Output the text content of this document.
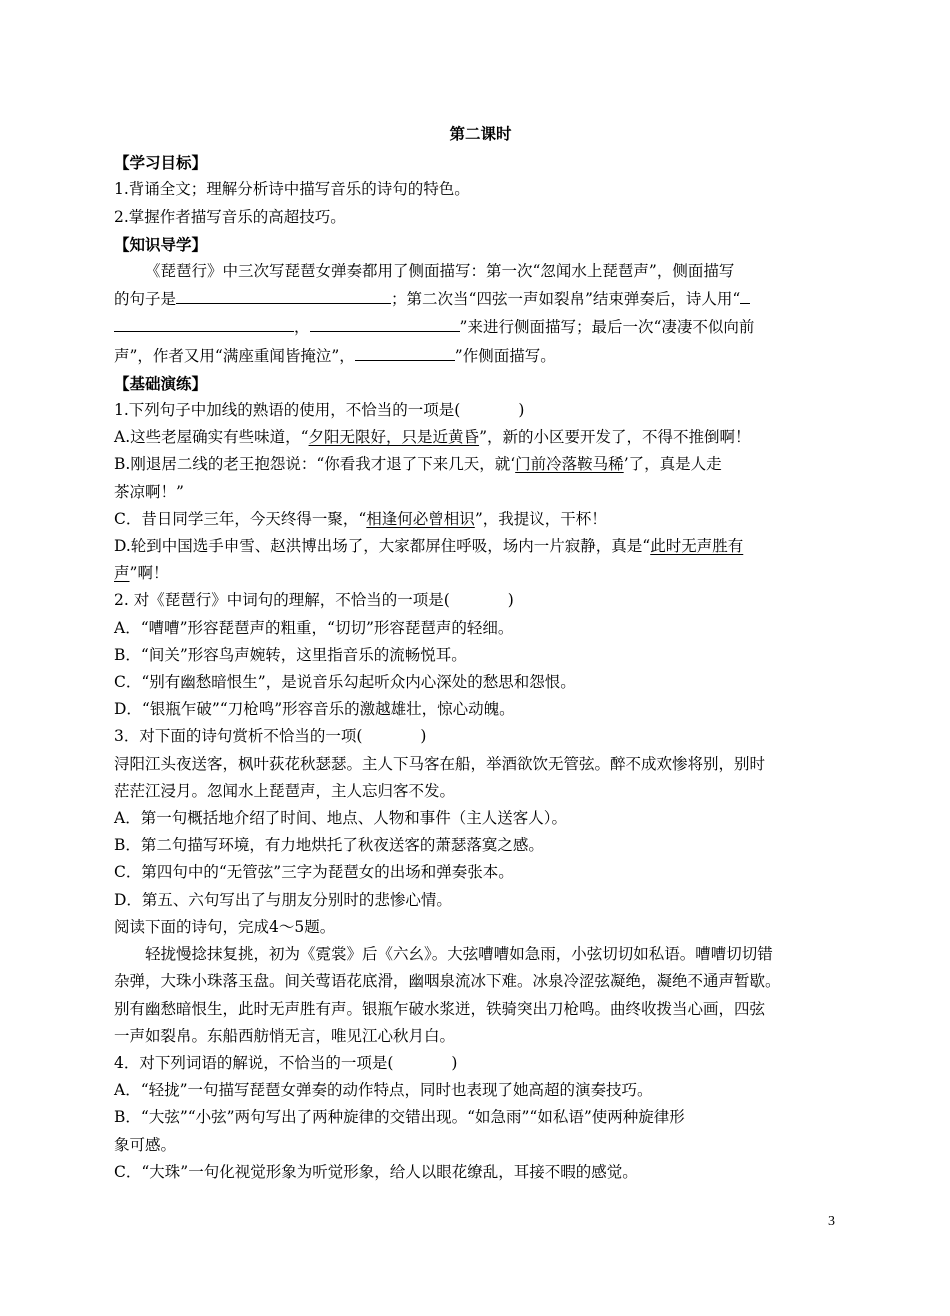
第二课时
【学习目标】
1.背诵全文；理解分析诗中描写音乐的诗句的特色。
2.掌握作者描写音乐的高超技巧。
【知识导学】
《琵琶行》中三次写琵琶女弹奏都用了侧面描写：第一次“忽闻水上琵琶声”，侧面描写
的句子是	；第二次当“四弦一声如裂帛”结束弹奏后，诗人用“
，	”来进行侧面描写；最后一次“凄凄不似向前
声”，作者又用“满座重闻皆掩泣”，	”作侧面描写。
【基础演练】
1.下列句子中加线的熟语的使用，不恰当的一项是(	)
A.这些老屋确实有些味道，“夕阳无限好，只是近黄昏”，新的小区要开发了，不得不推倒啊！
B.刚退居二线的老王抱怨说：“你看我才退了下来几天，就‘门前冷落鞍马稀’了，真是人走
茶凉啊！”
C．昔日同学三年，今天终得一聚，“相逢何必曾相识”，我提议，干杯！
D.轮到中国选手申雪、赵洪博出场了，大家都屏住呼吸，场内一片寂静，真是“此时无声胜有
声”啊！
2. 对《琵琶行》中词句的理解，不恰当的一项是(	)
A．“嘈嘈”形容琵琶声的粗重，“切切”形容琵琶声的轻细。
B．“间关”形容鸟声婉转，这里指音乐的流畅悦耳。
C．“别有幽愁暗恨生”，是说音乐勾起听众内心深处的愁思和怨恨。
D．“银瓶乍破”“刀枪鸣”形容音乐的激越雄壮，惊心动魄。
3．对下面的诗句赏析不恰当的一项(	)
浔阳江头夜送客，枫叶荻花秋瑟瑟。主人下马客在船，举酒欲饮无管弦。醉不成欢惨将别，别时
茫茫江浸月。忽闻水上琵琶声，主人忘归客不发。
A．第一句概括地介绍了时间、地点、人物和事件（主人送客人）。
B．第二句描写环境，有力地烘托了秋夜送客的萧瑟落寞之感。
C．第四句中的“无管弦”三字为琵琶女的出场和弹奏张本。
D．第五、六句写出了与朋友分别时的悲惨心情。
阅读下面的诗句，完成4～5题。
轻拢慢捻抹复挑，初为《霓裳》后《六幺》。大弦嘈嘈如急雨，小弦切切如私语。嘈嘈切切错
杂弹，大珠小珠落玉盘。间关莺语花底滑，幽咽泉流冰下难。冰泉冷涩弦凝绝，凝绝不通声暂歇。
别有幽愁暗恨生，此时无声胜有声。银瓶乍破水浆迸，铁骑突出刀枪鸣。曲终收拨当心画，四弦
一声如裂帛。东船西舫悄无言，唯见江心秋月白。
4．对下列词语的解说，不恰当的一项是(	)
A．“轻拢”一句描写琵琶女弹奏的动作特点，同时也表现了她高超的演奏技巧。
B．“大弦”“小弦”两句写出了两种旋律的交错出现。“如急雨”“如私语”使两种旋律形
象可感。
C．“大珠”一句化视觉形象为听觉形象，给人以眼花缭乱，耳接不暇的感觉。
3
